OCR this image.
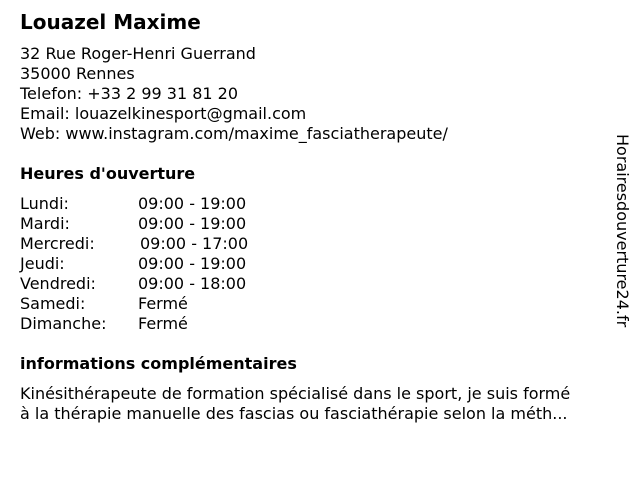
Louazel Maxime
32 Rue Roger-Henri Guerrand
35000 Rennes
Telefon: +33 2 99 31 81 20
Email: louazelkinesport@gmail.com
Web: www.instagram.com/maxime_fasciatherapeute/
Heures d'ouverture
Lundi:	09:00 - 19:00
Mardi:	09:00 - 19:00
Mercredi:	09:00 - 17:00
Jeudi:	09:00 - 19:00
Vendredi:	09:00 - 18:00
Samedi:	Fermé
Dimanche: Fermé
informations complémentaires
Kinésithérapeute de formation spécialisé dans le sport, je suis formé
à la thérapie manuelle des fascias ou fasciathérapie selon la méth...
Horairesdouverture24.fr
